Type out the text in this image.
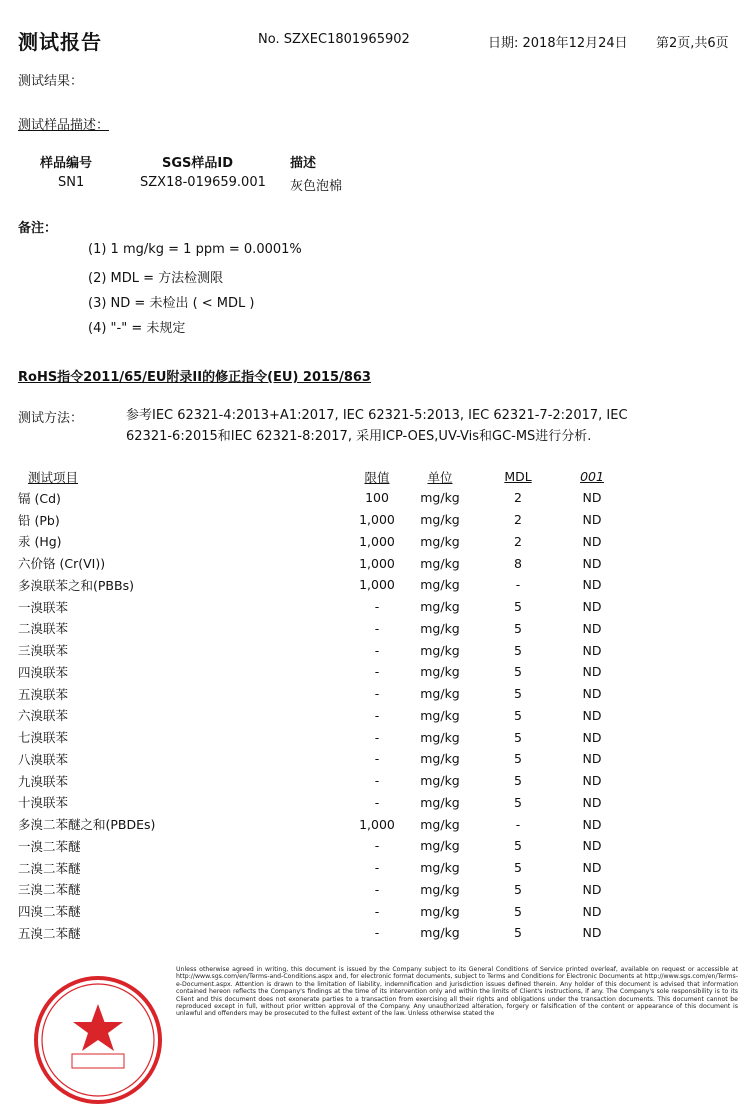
测试报告	No. SZXEC1801965902	日期: 2018年12月24日 第2页,共6页
测试结果：
测试样品描述：
样品编号	SGS样品ID	描述
SN1	SZX18-019659.001 灰色泡棉
备注：
(1) 1 mg/kg = 1 ppm = 0.0001%
(2) MDL = 方法检测限
(3) ND = 未检出 ( < MDL )
(4) "-" = 未规定
RoHS指令2011/65/EU附录II的修正指令(EU) 2015/863
测试方法：	参考IEC 62321-4:2013+A1:2017, IEC 62321-5:2013, IEC 62321-7-2:2017, IEC
62321-6:2015和IEC 62321-8:2017, 采用ICP-OES,UV-Vis和GC-MS进行分析.
测试项目	限值	单位	MDL	001
镉 (Cd)	100	mg/kg	2	ND
铅 (Pb)	1,000	mg/kg	2	ND
汞 (Hg)	1,000	mg/kg	2	ND
六价铬 (Cr(VI))	1,000	mg/kg	8	ND
多溴联苯之和(PBBs)	1,000	mg/kg	-	ND
一溴联苯	-	mg/kg	5	ND
二溴联苯	-	mg/kg	5	ND
三溴联苯	-	mg/kg	5	ND
四溴联苯	-	mg/kg	5	ND
五溴联苯	-	mg/kg	5	ND
六溴联苯	-	mg/kg	5	ND
七溴联苯	-	mg/kg	5	ND
八溴联苯	-	mg/kg	5	ND
九溴联苯	-	mg/kg	5	ND
十溴联苯	-	mg/kg	5	ND
多溴二苯醚之和(PBDEs)	1,000	mg/kg	-	ND
一溴二苯醚	-	mg/kg	5	ND
二溴二苯醚	-	mg/kg	5	ND
三溴二苯醚	-	mg/kg	5	ND
四溴二苯醚	-	mg/kg	5	ND
五溴二苯醚	-	mg/kg	5	ND
Unless otherwise agreed in writing, this document is issued by the Company subject to its General Conditions of Service printed overleaf, available on request or accessible at http://www.sgs.com/en/Terms-and-Conditions.aspx and, for electronic format documents, subject to Terms and Conditions for Electronic Documents at http://www.sgs.com/en/Terms-e-Document.aspx. Attention is drawn to the limitation of liability, indemnification and jurisdiction issues defined therein. Any holder of this document is advised that information contained hereon reflects the Company's findings at the time of its intervention only and within the limits of Client's instructions, if any. The Company's sole responsibility is to its Client and this document does not exonerate parties to a transaction from exercising all their rights and obligations under the transaction documents. This document cannot be reproduced except in full, without prior written approval of the Company. Any unauthorized alteration, forgery or falsification of the content or appearance of this document is unlawful and offenders may be prosecuted to the fullest extent of the law. Unless otherwise stated the
